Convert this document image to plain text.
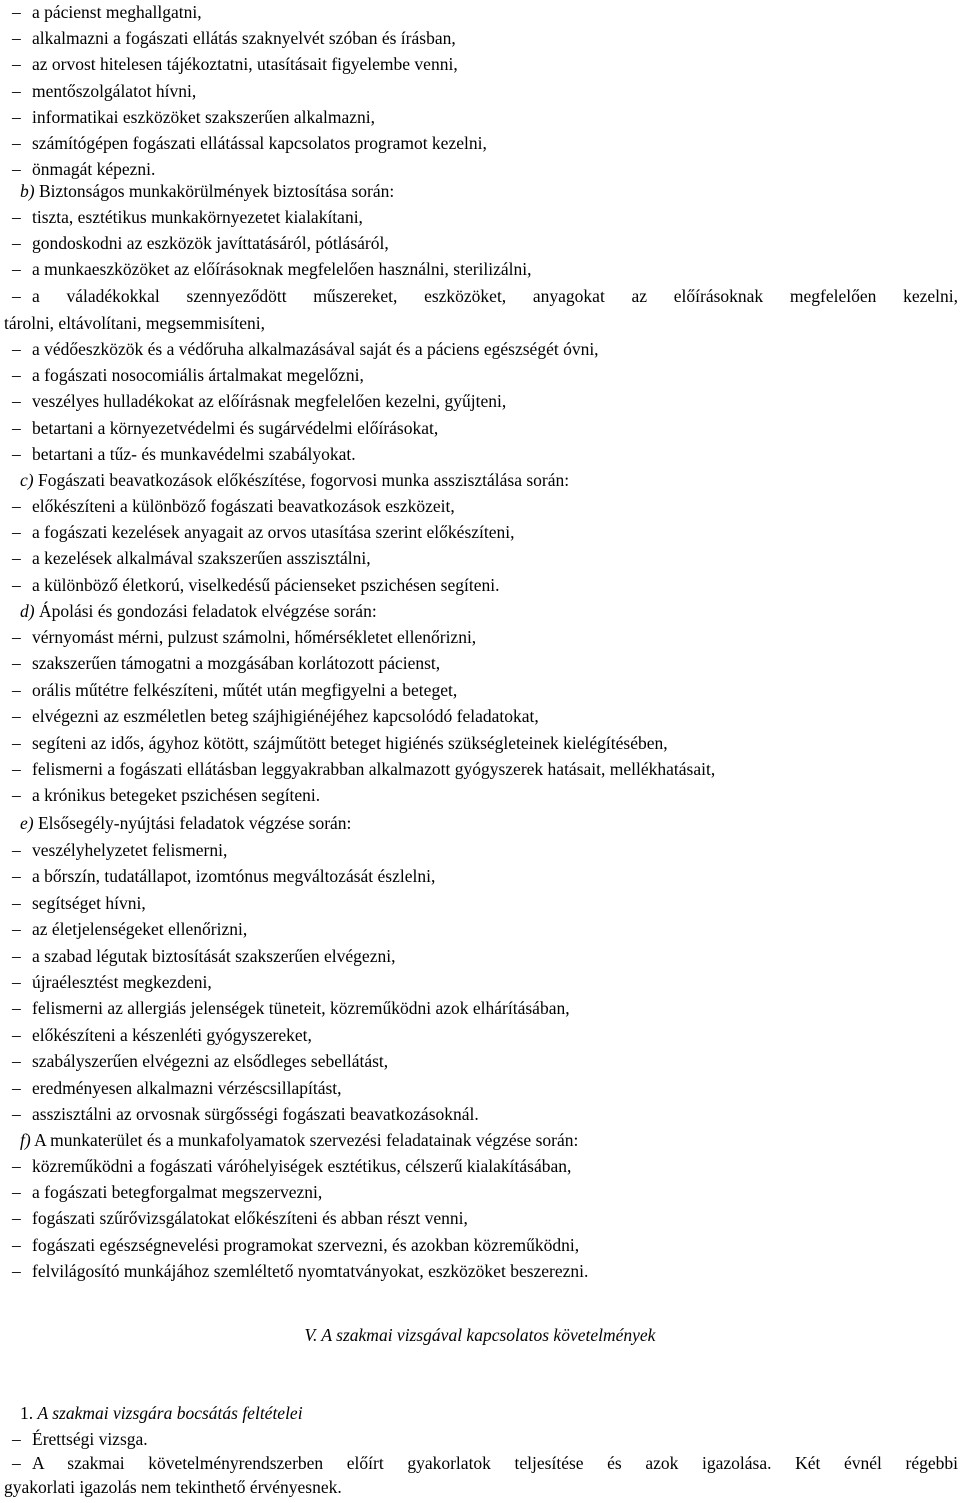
– a pácienst meghallgatni,
– alkalmazni a fogászati ellátás szaknyelvét szóban és írásban,
– az orvost hitelesen tájékoztatni, utasításait figyelembe venni,
– mentőszolgálatot hívni,
– informatikai eszközöket szakszerűen alkalmazni,
– számítógépen fogászati ellátással kapcsolatos programot kezelni,
– önmagát képezni.
b) Biztonságos munkakörülmények biztosítása során:
– tiszta, esztétikus munkakörnyezetet kialakítani,
– gondoskodni az eszközök javíttatásáról, pótlásáról,
– a munkaeszközöket az előírásoknak megfelelően használni, sterilizálni,
– a váladékokkal szennyeződött műszereket, eszközöket, anyagokat az előírásoknak megfelelően kezelni,
tárolni, eltávolítani, megsemmisíteni,
– a védőeszközök és a védőruha alkalmazásával saját és a páciens egészségét óvni,
– a fogászati nosocomiális ártalmakat megelőzni,
– veszélyes hulladékokat az előírásnak megfelelően kezelni, gyűjteni,
– betartani a környezetvédelmi és sugárvédelmi előírásokat,
– betartani a tűz- és munkavédelmi szabályokat.
c) Fogászati beavatkozások előkészítése, fogorvosi munka asszisztálása során:
– előkészíteni a különböző fogászati beavatkozások eszközeit,
– a fogászati kezelések anyagait az orvos utasítása szerint előkészíteni,
– a kezelések alkalmával szakszerűen asszisztálni,
– a különböző életkorú, viselkedésű pácienseket pszichésen segíteni.
d) Ápolási és gondozási feladatok elvégzése során:
– vérnyomást mérni, pulzust számolni, hőmérsékletet ellenőrizni,
– szakszerűen támogatni a mozgásában korlátozott pácienst,
– orális műtétre felkészíteni, műtét után megfigyelni a beteget,
– elvégezni az eszméletlen beteg szájhigiénéjéhez kapcsolódó feladatokat,
– segíteni az idős, ágyhoz kötött, szájműtött beteget higiénés szükségleteinek kielégítésében,
– felismerni a fogászati ellátásban leggyakrabban alkalmazott gyógyszerek hatásait, mellékhatásait,
– a krónikus betegeket pszichésen segíteni.
e) Elsősegély-nyújtási feladatok végzése során:
– veszélyhelyzetet felismerni,
– a bőrszín, tudatállapot, izomtónus megváltozását észlelni,
– segítséget hívni,
– az életjelenségeket ellenőrizni,
– a szabad légutak biztosítását szakszerűen elvégezni,
– újraélesztést megkezdeni,
– felismerni az allergiás jelenségek tüneteit, közreműködni azok elhárításában,
– előkészíteni a készenléti gyógyszereket,
– szabályszerűen elvégezni az elsődleges sebellátást,
– eredményesen alkalmazni vérzéscsillapítást,
– asszisztálni az orvosnak sürgősségi fogászati beavatkozásoknál.
f) A munkaterület és a munkafolyamatok szervezési feladatainak végzése során:
– közreműködni a fogászati váróhelyiségek esztétikus, célszerű kialakításában,
– a fogászati betegforgalmat megszervezni,
– fogászati szűrővizsgálatokat előkészíteni és abban részt venni,
– fogászati egészségnevelési programokat szervezni, és azokban közreműködni,
– felvilágosító munkájához szemléltető nyomtatványokat, eszközöket beszerezni.
V. A szakmai vizsgával kapcsolatos követelmények
1. A szakmai vizsgára bocsátás feltételei
– Érettségi vizsga.
– A szakmai követelményrendszerben előírt gyakorlatok teljesítése és azok igazolása. Két évnél régebbi
gyakorlati igazolás nem tekinthető érvényesnek.
